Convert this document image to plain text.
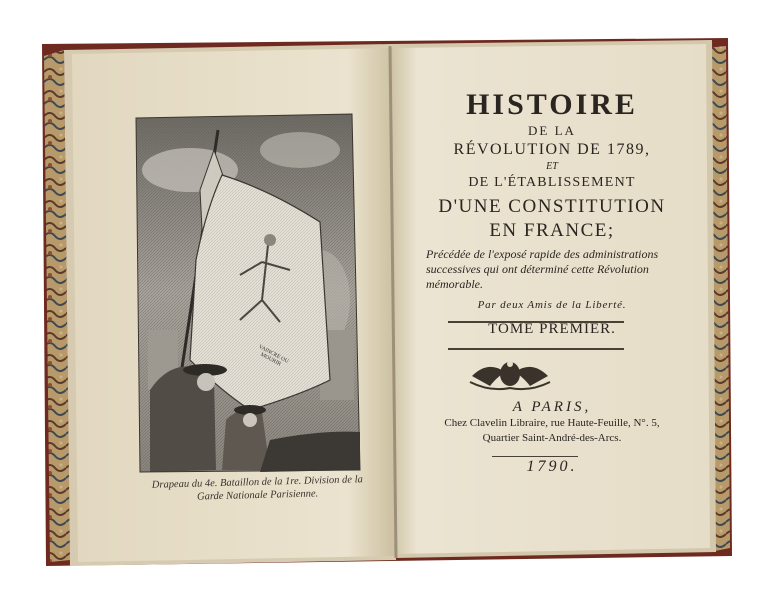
VAINCRE OU MOURIR
Drapeau du 4e. Bataillon de la 1re. Division de la Garde Nationale Parisienne.
HISTOIRE
DE LA
RÉVOLUTION DE 1789,
ET
DE L'ÉTABLISSEMENT
D'UNE CONSTITUTION
EN FRANCE;
Précédée de l'exposé rapide des administrations successives qui ont déterminé cette Révolution mémorable.
Par deux Amis de la Liberté.
TOME PREMIER.
A PARIS,
Chez Clavelin Libraire, rue Haute-Feuille, N°. 5,
Quartier Saint-André-des-Arcs.
1790.
